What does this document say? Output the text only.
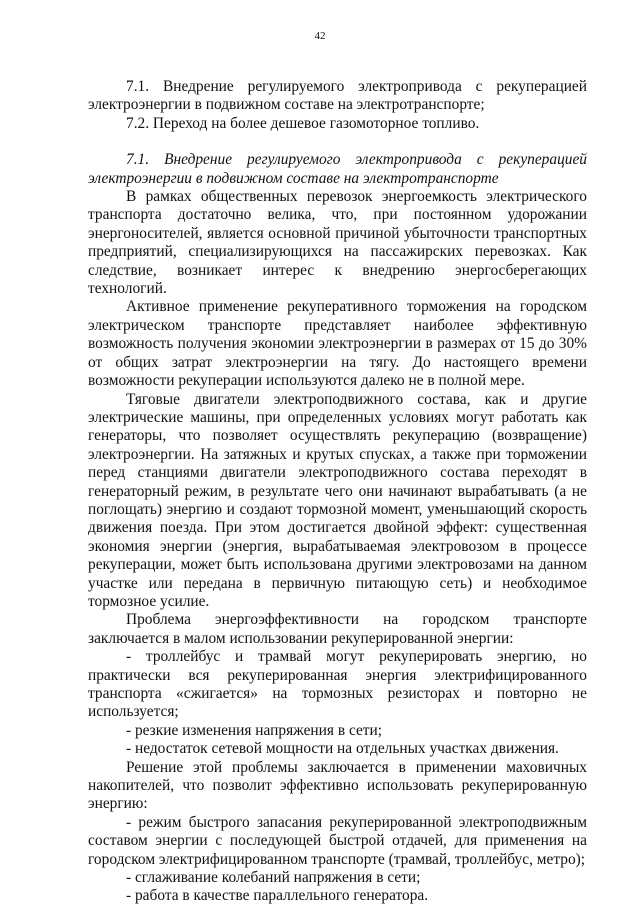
42

7.1. Внедрение регулируемого электропривода с рекуперацией электроэнергии в подвижном составе на электротранспорте;

7.2. Переход на более дешевое газомоторное топливо.

7.1. Внедрение регулируемого электропривода с рекуперацией электроэнергии в подвижном составе на электротранспорте

В рамках общественных перевозок энергоемкость электрического транспорта достаточно велика, что, при постоянном удорожании энергоносителей, является основной причиной убыточности транспортных предприятий, специализирующихся на пассажирских перевозках. Как следствие, возникает интерес к внедрению энергосберегающих технологий.

Активное применение рекуперативного торможения на городском электрическом транспорте представляет наиболее эффективную возможность получения экономии электроэнергии в размерах от 15 до 30% от общих затрат электроэнергии на тягу. До настоящего времени возможности рекуперации используются далеко не в полной мере.

Тяговые двигатели электроподвижного состава, как и другие электрические машины, при определенных условиях могут работать как генераторы, что позволяет осуществлять рекуперацию (возвращение) электроэнергии. На затяжных и крутых спусках, а также при торможении перед станциями двигатели электроподвижного состава переходят в генераторный режим, в результате чего они начинают вырабатывать (а не поглощать) энергию и создают тормозной момент, уменьшающий скорость движения поезда. При этом достигается двойной эффект: существенная экономия энергии (энергия, вырабатываемая электровозом в процессе рекуперации, может быть использована другими электровозами на данном участке или передана в первичную питающую сеть) и необходимое тормозное усилие.

Проблема энергоэффективности на городском транспорте заключается в малом использовании рекуперированной энергии:

- троллейбус и трамвай могут рекуперировать энергию, но практически вся рекуперированная энергия электрифицированного транспорта «сжигается» на тормозных резисторах и повторно не используется;

- резкие изменения напряжения в сети;

- недостаток сетевой мощности на отдельных участках движения.

Решение этой проблемы заключается в применении маховичных накопителей, что позволит эффективно использовать рекуперированную энергию:

- режим быстрого запасания рекуперированной электроподвижным составом энергии с последующей быстрой отдачей, для применения на городском электрифицированном транспорте (трамвай, троллейбус, метро);

- сглаживание колебаний напряжения в сети;

- работа в качестве параллельного генератора.
